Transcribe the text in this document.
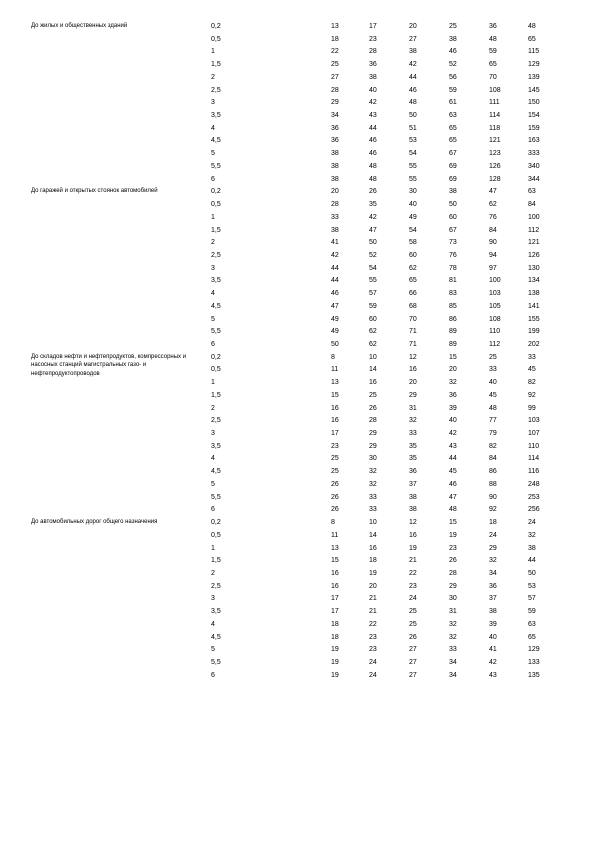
До жилых и общественных зданий	0,2	13	17	20	25	36	48
0,5	18	23	27	38	48	65
1	22	28	38	46	59	115
1,5	25	36	42	52	65	129
2	27	38	44	56	70	139
2,5	28	40	46	59	108	145
3	29	42	48	61	111	150
3,5	34	43	50	63	114	154
4	36	44	51	65	118	159
4,5	36	46	53	65	121	163
5	38	46	54	67	123	333
5,5	38	48	55	69	126	340
6	38	48	55	69	128	344
До гаражей и открытых стоянок автомобилей	0,2	20	26	30	38	47	63
0,5	28	35	40	50	62	84
1	33	42	49	60	76	100
1,5	38	47	54	67	84	112
2	41	50	58	73	90	121
2,5	42	52	60	76	94	126
3	44	54	62	78	97	130
3,5	44	55	65	81	100	134
4	46	57	66	83	103	138
4,5	47	59	68	85	105	141
5	49	60	70	86	108	155
5,5	49	62	71	89	110	199
6	50	62	71	89	112	202
До складов нефти и нефтепродуктов, компрессорных и насосных станций магистральных газо- и нефтепродуктопроводов
0,2	8	10	12	15	25	33
0,5	11	14	16	20	33	45
1	13	16	20	32	40	82
1,5	15	25	29	36	45	92
2	16	26	31	39	48	99
2,5	16	28	32	40	77	103
3	17	29	33	42	79	107
3,5	23	29	35	43	82	110
4	25	30	35	44	84	114
4,5	25	32	36	45	86	116
5	26	32	37	46	88	248
5,5	26	33	38	47	90	253
6	26	33	38	48	92	256
До автомобильных дорог общего назначения	0,2	8	10	12	15	18	24
0,5	11	14	16	19	24	32
1	13	16	19	23	29	38
1,5	15	18	21	26	32	44
2	16	19	22	28	34	50
2,5	16	20	23	29	36	53
3	17	21	24	30	37	57
3,5	17	21	25	31	38	59
4	18	22	25	32	39	63
4,5	18	23	26	32	40	65
5	19	23	27	33	41	129
5,5	19	24	27	34	42	133
6	19	24	27	34	43	135
